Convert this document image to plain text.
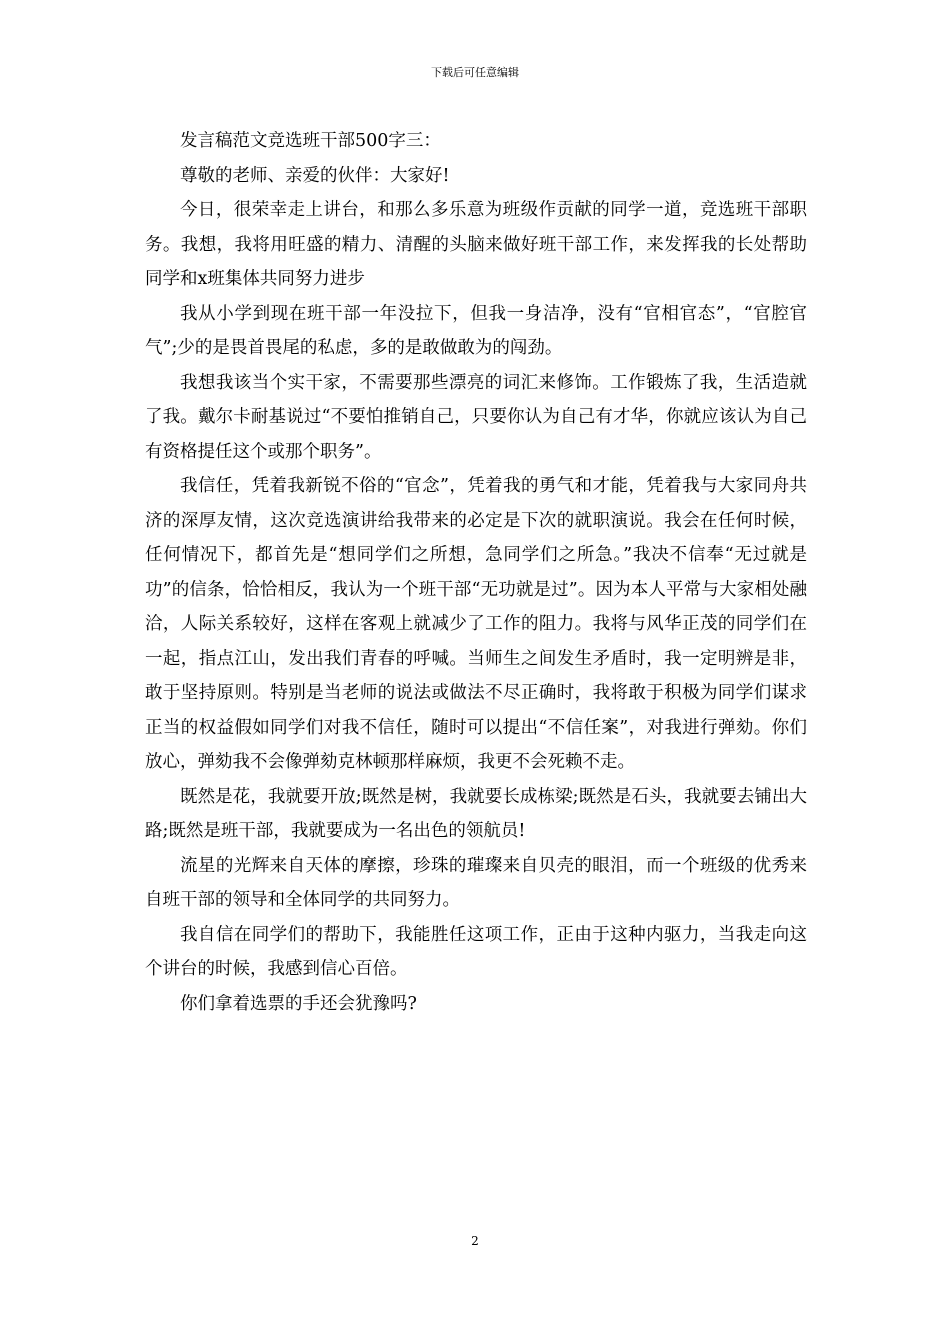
下载后可任意编辑

发言稿范文竞选班干部500字三：

尊敬的老师、亲爱的伙伴：大家好!

今日，很荣幸走上讲台，和那么多乐意为班级作贡献的同学一道，竞选班干部职务。我想，我将用旺盛的精力、清醒的头脑来做好班干部工作，来发挥我的长处帮助同学和x班集体共同努力进步

我从小学到现在班干部一年没拉下，但我一身洁净，没有“官相官态”，“官腔官气”;少的是畏首畏尾的私虑，多的是敢做敢为的闯劲。

我想我该当个实干家，不需要那些漂亮的词汇来修饰。工作锻炼了我，生活造就了我。戴尔卡耐基说过“不要怕推销自己，只要你认为自己有才华，你就应该认为自己有资格提任这个或那个职务”。

我信任，凭着我新锐不俗的“官念”，凭着我的勇气和才能，凭着我与大家同舟共济的深厚友情，这次竞选演讲给我带来的必定是下次的就职演说。我会在任何时候，任何情况下，都首先是“想同学们之所想，急同学们之所急。”我决不信奉“无过就是功”的信条，恰恰相反，我认为一个班干部“无功就是过”。因为本人平常与大家相处融洽，人际关系较好，这样在客观上就减少了工作的阻力。我将与风华正茂的同学们在一起，指点江山，发出我们青春的呼喊。当师生之间发生矛盾时，我一定明辨是非，敢于坚持原则。特别是当老师的说法或做法不尽正确时，我将敢于积极为同学们谋求正当的权益假如同学们对我不信任，随时可以提出“不信任案”，对我进行弹劾。你们放心，弹劾我不会像弹劾克林顿那样麻烦，我更不会死赖不走。

既然是花，我就要开放;既然是树，我就要长成栋梁;既然是石头，我就要去铺出大路;既然是班干部，我就要成为一名出色的领航员!

流星的光辉来自天体的摩擦，珍珠的璀璨来自贝壳的眼泪，而一个班级的优秀来自班干部的领导和全体同学的共同努力。

我自信在同学们的帮助下，我能胜任这项工作，正由于这种内驱力，当我走向这个讲台的时候，我感到信心百倍。

你们拿着选票的手还会犹豫吗?

2
